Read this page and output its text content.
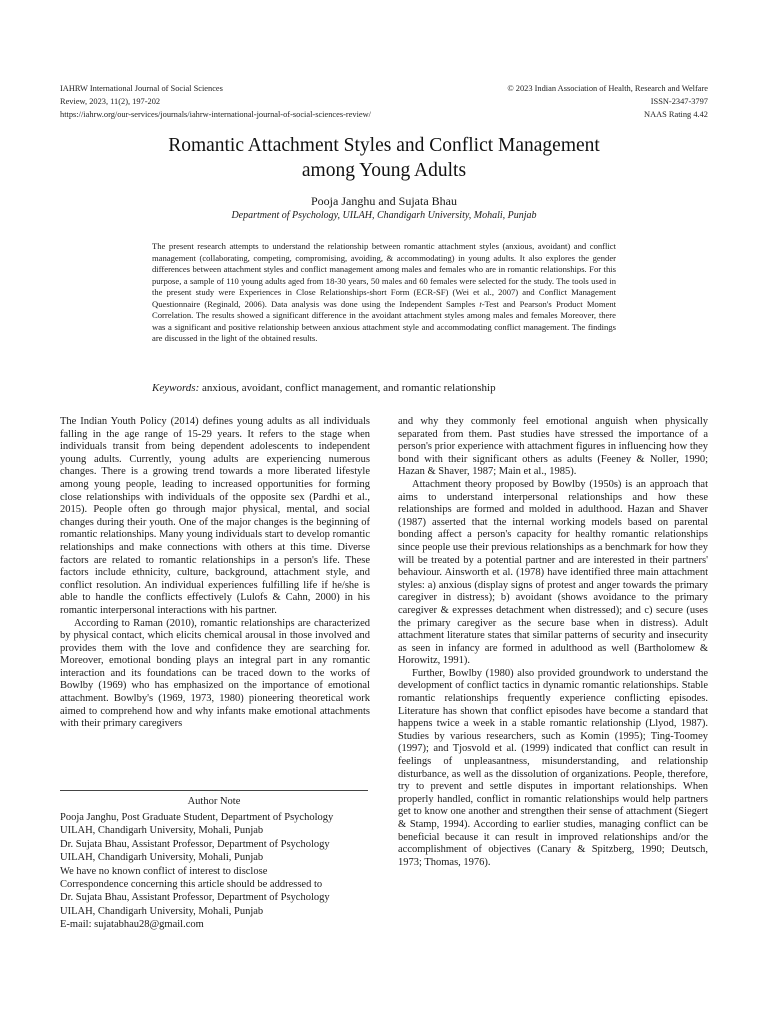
IAHRW International Journal of Social Sciences
Review, 2023, 11(2), 197-202
https://iahrw.org/our-services/journals/iahrw-international-journal-of-social-sciences-review/
© 2023 Indian Association of Health, Research and Welfare
ISSN-2347-3797
NAAS Rating 4.42
Romantic Attachment Styles and Conflict Management
among Young Adults
Pooja Janghu and Sujata Bhau
Department of Psychology, UILAH, Chandigarh University, Mohali, Punjab

The present research attempts to understand the relationship between romantic attachment styles (anxious, avoidant) and conflict management (collaborating, competing, compromising, avoiding, & accommodating) in young adults. It also explores the gender differences between attachment styles and conflict management among males and females who are in romantic relationships. For this purpose, a sample of 110 young adults aged from 18-30 years, 50 males and 60 females were selected for the study. The tools used in the present study were Experiences in Close Relationships-short Form (ECR-SF) (Wei et al., 2007) and Conflict Management Questionnaire (Reginald, 2006). Data analysis was done using the Independent Samples t-Test and Pearson's Product Moment Correlation. The results showed a significant difference in the avoidant attachment styles among males and females Moreover, there was a significant and positive relationship between anxious attachment style and accommodating conflict management. The findings are discussed in the light of the obtained results.

Keywords: anxious, avoidant, conflict management, and romantic relationship

The Indian Youth Policy (2014) defines young adults as all individuals falling in the age range of 15-29 years. It refers to the stage when individuals transit from being dependent adolescents to independent young adults. Currently, young adults are experiencing numerous changes. There is a growing trend towards a more liberated lifestyle among young people, leading to increased opportunities for forming close relationships with individuals of the opposite sex (Pardhi et al., 2015). People often go through major physical, mental, and social changes during their youth. One of the major changes is the beginning of romantic relationships. Many young individuals start to develop romantic relationships and make connections with others at this time. Diverse factors are related to romantic relationships in a person's life. These factors include ethnicity, culture, background, attachment style, and conflict resolution. An individual experiences fulfilling life if he/she is able to handle the conflicts effectively (Lulofs & Cahn, 2000) in his romantic interpersonal interactions with his partner.

According to Raman (2010), romantic relationships are characterized by physical contact, which elicits chemical arousal in those involved and provides them with the love and confidence they are searching for. Moreover, emotional bonding plays an integral part in any romantic interaction and its foundations can be traced down to the works of Bowlby (1969) who has emphasized on the importance of emotional attachment. Bowlby's (1969, 1973, 1980) pioneering theoretical work aimed to comprehend how and why infants make emotional attachments with their primary caregivers

and why they commonly feel emotional anguish when physically separated from them. Past studies have stressed the importance of a person's prior experience with attachment figures in influencing how they bond with their significant others as adults (Feeney & Noller, 1990; Hazan & Shaver, 1987; Main et al., 1985).

Attachment theory proposed by Bowlby (1950s) is an approach that aims to understand interpersonal relationships and how these relationships are formed and molded in adulthood. Hazan and Shaver (1987) asserted that the internal working models based on parental bonding affect a person's capacity for healthy romantic relationships since people use their previous relationships as a benchmark for how they will be treated by a potential partner and are interested in their partners' behaviour. Ainsworth et al. (1978) have identified three main attachment styles: a) anxious (display signs of protest and anger towards the primary caregiver in distress); b) avoidant (shows avoidance to the primary caregiver & expresses detachment when distressed); and c) secure (uses the primary caregiver as the secure base when in distress). Adult attachment literature states that similar patterns of security and insecurity as seen in infancy are formed in adulthood as well (Bartholomew & Horowitz, 1991).

Further, Bowlby (1980) also provided groundwork to understand the development of conflict tactics in dynamic romantic relationships. Stable romantic relationships frequently experience conflicting episodes. Literature has shown that conflict episodes have become a standard that happens twice a week in a stable romantic relationship (Llyod, 1987). Studies by various researchers, such as Komin (1995); Ting-Toomey (1997); and Tjosvold et al. (1999) indicated that conflict can result in feelings of unpleasantness, misunderstanding, and relationship disturbance, as well as the dissolution of organizations. People, therefore, try to prevent and settle disputes in important relationships. When properly handled, conflict in romantic relationships would help partners get to know one another and strengthen their sense of attachment (Siegert & Stamp, 1994). According to earlier studies, managing conflict can be beneficial because it can result in improved relationships and/or the accomplishment of objectives (Canary & Spitzberg, 1990; Deutsch, 1973; Thomas, 1976).

Author Note
Pooja Janghu, Post Graduate Student, Department of Psychology
UILAH, Chandigarh University, Mohali, Punjab
Dr. Sujata Bhau, Assistant Professor, Department of Psychology
UILAH, Chandigarh University, Mohali, Punjab
We have no known conflict of interest to disclose
Correspondence concerning this article should be addressed to
Dr. Sujata Bhau, Assistant Professor, Department of Psychology
UILAH, Chandigarh University, Mohali, Punjab
E-mail: sujatabhau28@gmail.com
